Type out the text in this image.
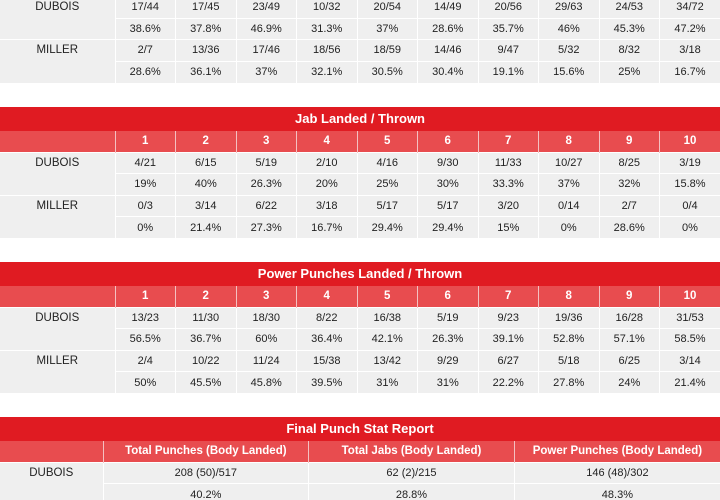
DUBOIS	17/44	17/45	23/49	10/32	20/54	14/49	20/56	29/63	24/53	34/72
	38.6%	37.8%	46.9%	31.3%	37%	28.6%	35.7%	46%	45.3%	47.2%
MILLER	2/7	13/36	17/46	18/56	18/59	14/46	9/47	5/32	8/32	3/18
	28.6%	36.1%	37%	32.1%	30.5%	30.4%	19.1%	15.6%	25%	16.7%
Jab Landed / Thrown
	1	2	3	4	5	6	7	8	9	10
DUBOIS	4/21	6/15	5/19	2/10	4/16	9/30	11/33	10/27	8/25	3/19
	19%	40%	26.3%	20%	25%	30%	33.3%	37%	32%	15.8%
MILLER	0/3	3/14	6/22	3/18	5/17	5/17	3/20	0/14	2/7	0/4
	0%	21.4%	27.3%	16.7%	29.4%	29.4%	15%	0%	28.6%	0%
Power Punches Landed / Thrown
	1	2	3	4	5	6	7	8	9	10
DUBOIS	13/23	11/30	18/30	8/22	16/38	5/19	9/23	19/36	16/28	31/53
	56.5%	36.7%	60%	36.4%	42.1%	26.3%	39.1%	52.8%	57.1%	58.5%
MILLER	2/4	10/22	11/24	15/38	13/42	9/29	6/27	5/18	6/25	3/14
	50%	45.5%	45.8%	39.5%	31%	31%	22.2%	27.8%	24%	21.4%
Final Punch Stat Report
	Total Punches (Body Landed)	Total Jabs (Body Landed)	Power Punches (Body Landed)
DUBOIS	208 (50)/517	62 (2)/215	146 (48)/302
	40.2%	28.8%	48.3%
